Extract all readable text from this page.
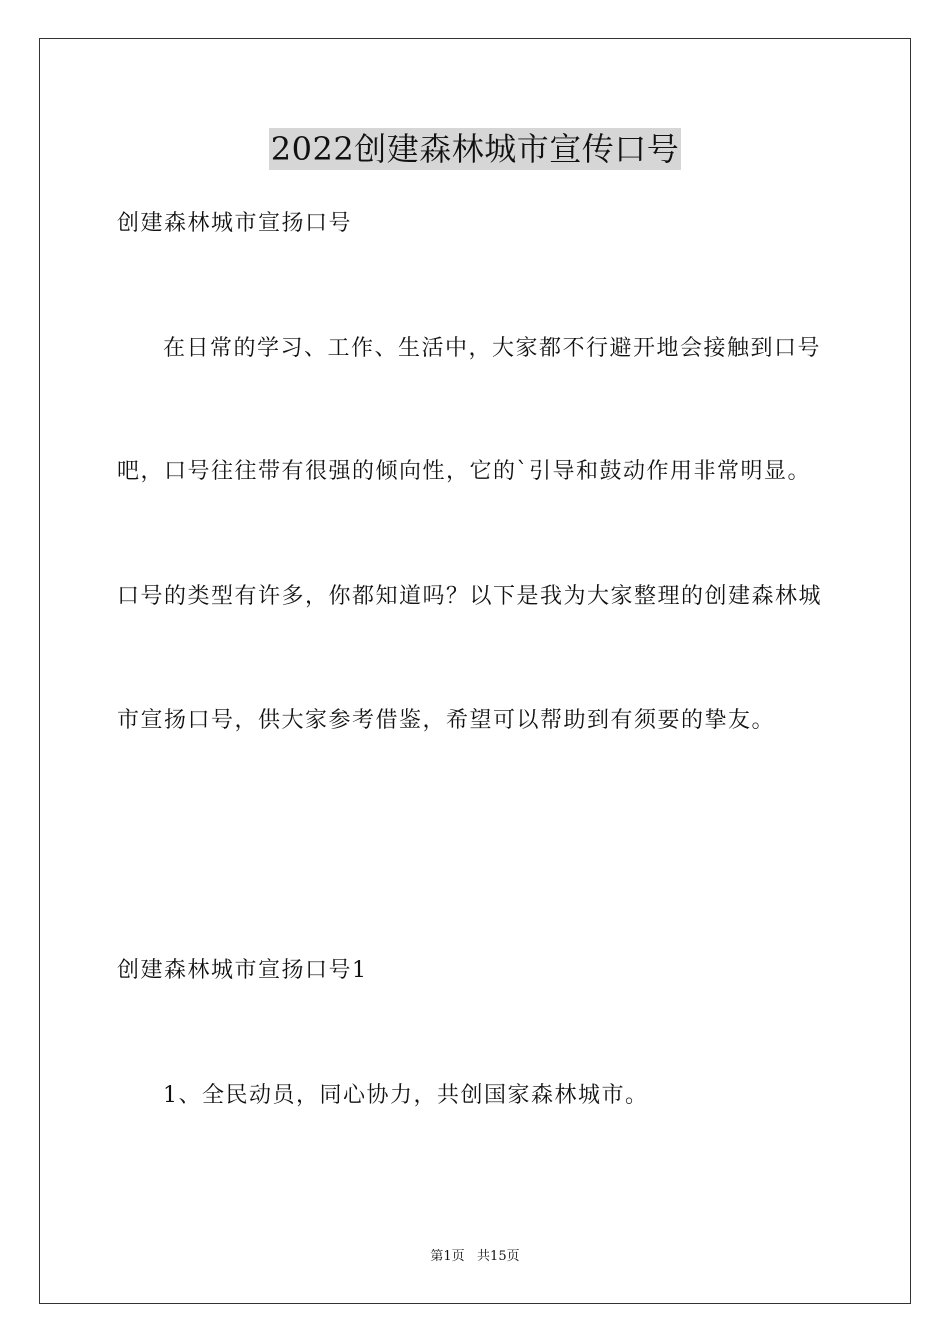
2022创建森林城市宣传口号

创建森林城市宣扬口号

在日常的学习、工作、生活中，大家都不行避开地会接触到口号

吧，口号往往带有很强的倾向性，它的`引导和鼓动作用非常明显。

口号的类型有许多，你都知道吗？以下是我为大家整理的创建森林城

市宣扬口号，供大家参考借鉴，希望可以帮助到有须要的挚友。

创建森林城市宣扬口号1

1、全民动员，同心协力，共创国家森林城市。

第1页   共15页
